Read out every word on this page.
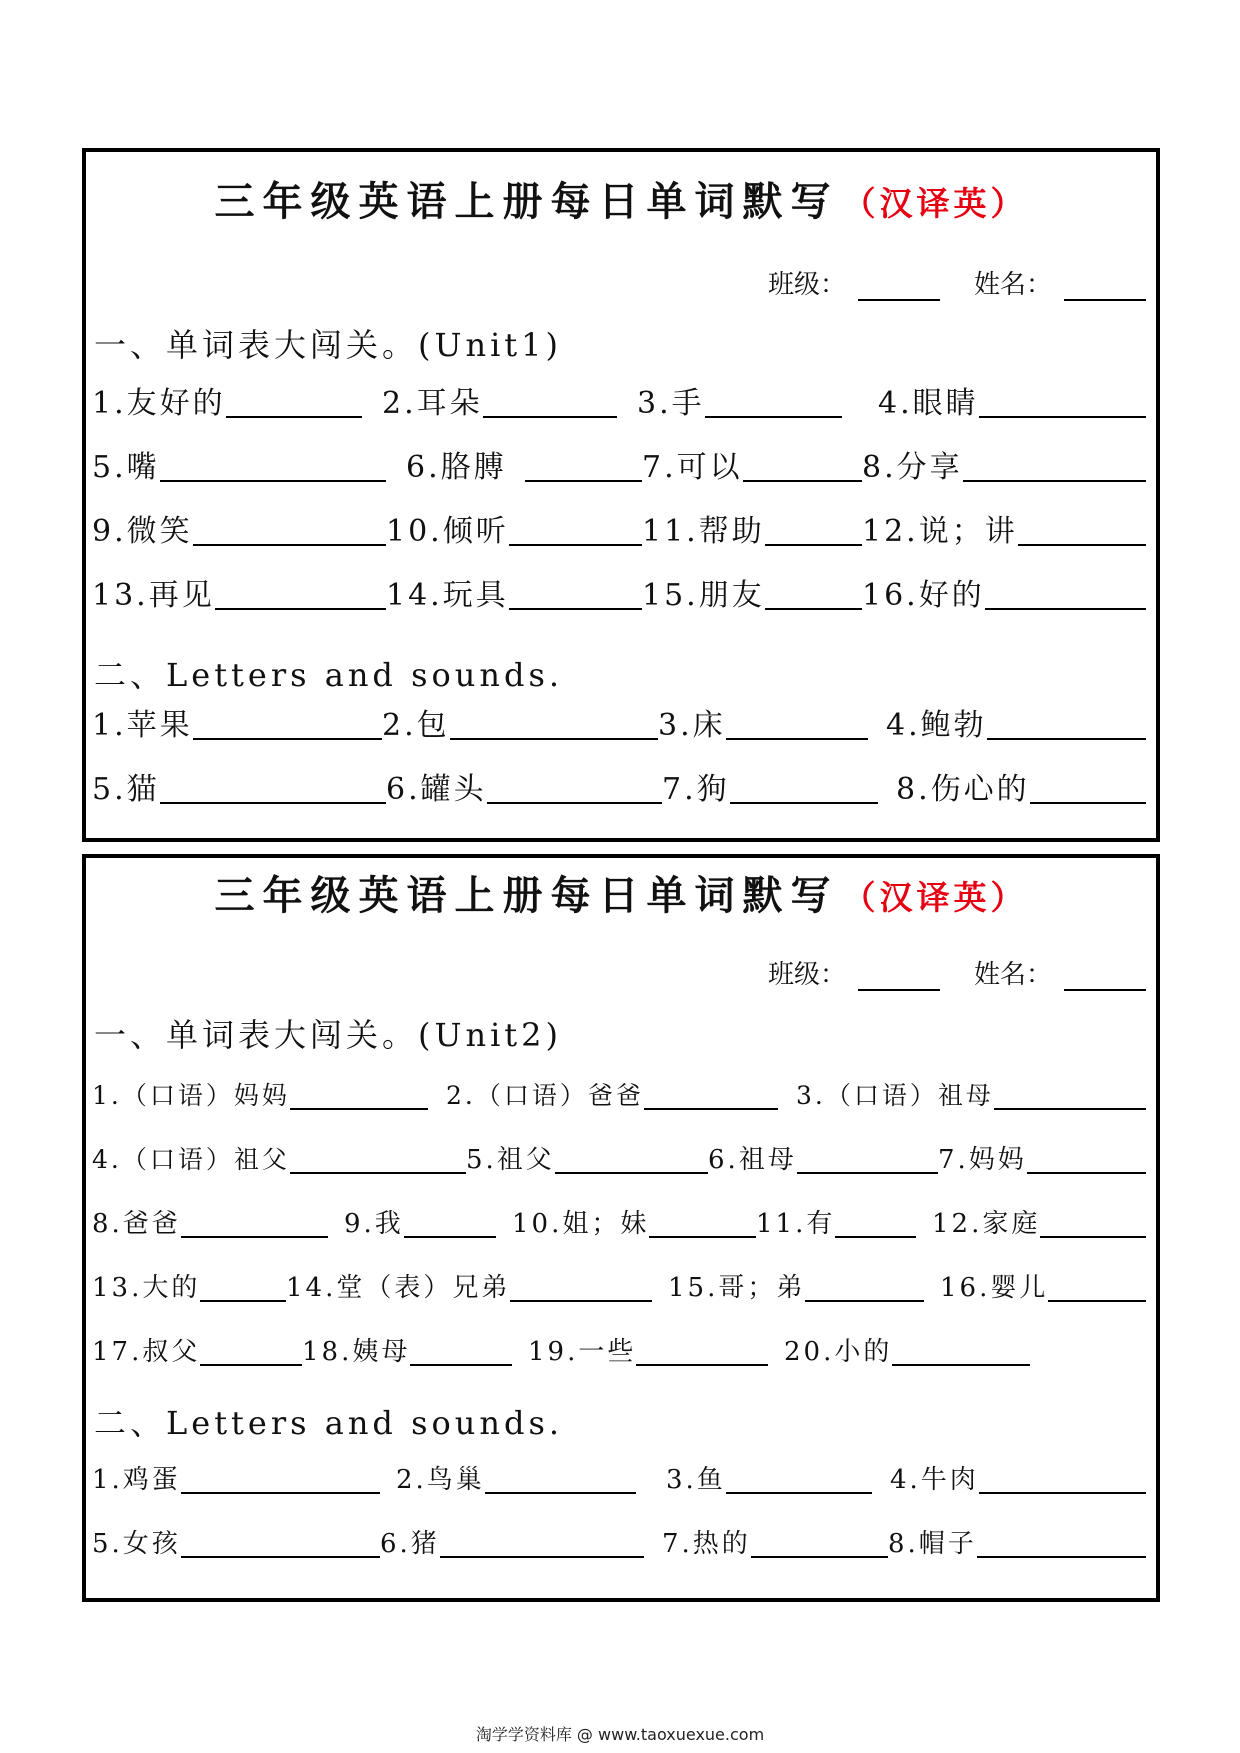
三年级英语上册每日单词默写 （汉译英）
班级：	姓名：
一、单词表大闯关。(Unit1)
1.友好的	2.耳朵	3.手	4.眼睛
5.嘴	6.胳膊	7.可以	8.分享
9.微笑	10.倾听	11.帮助	12.说；讲
13.再见	14.玩具	15.朋友	16.好的
二、Letters and sounds.
1.苹果	2.包	3.床	4.鲍勃
5.猫	6.罐头	7.狗	8.伤心的
三年级英语上册每日单词默写 （汉译英）
班级：	姓名：
一、单词表大闯关。(Unit2)
1.（口语）妈妈	2.（口语）爸爸	3.（口语）祖母
4.（口语）祖父	5.祖父	6.祖母	7.妈妈
8.爸爸	9.我	10.姐；妹	11.有	12.家庭
13.大的	14.堂（表）兄弟	15.哥；弟	16.婴儿
17.叔父	18.姨母	19.一些	20.小的
二、Letters and sounds.
1.鸡蛋	2.鸟巢	3.鱼	4.牛肉
5.女孩	6.猪	7.热的	8.帽子
淘学学资料库 @ www.taoxuexue.com
